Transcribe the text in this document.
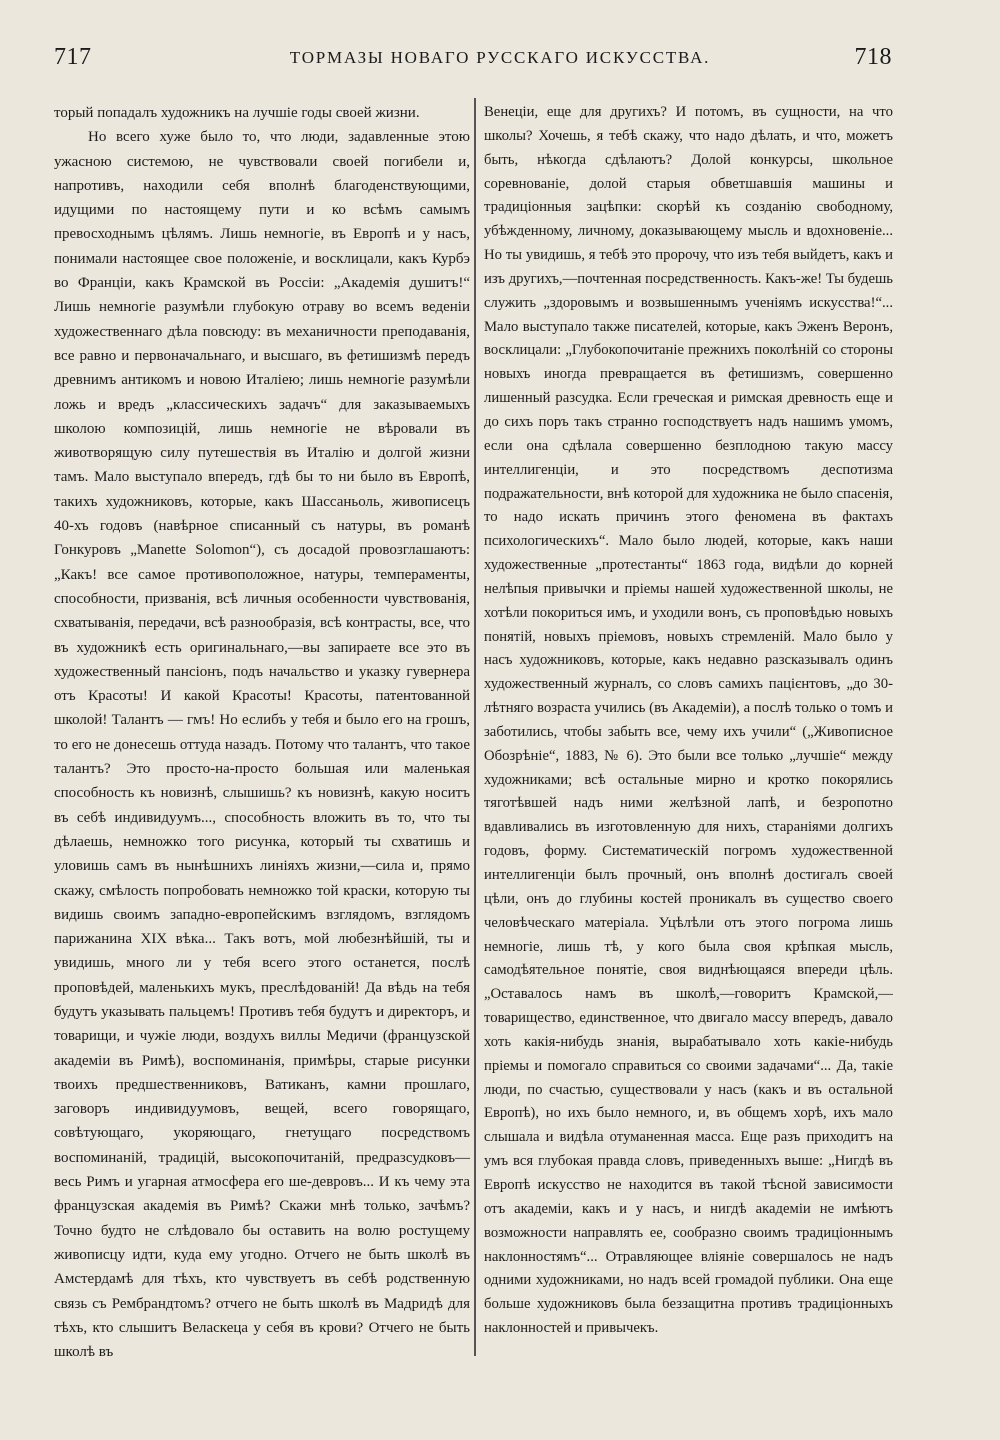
717	ТОРМАЗЫ НОВАГО РУССКАГО ИСКУССТВА.	718

торый попадалъ художникъ на лучшіе годы своей жизни.

Но всего хуже было то, что люди, задавленные этою ужасною системою, не чувствовали своей погибели и, напротивъ, находили себя вполнѣ благоденствующими, идущими по настоящему пути и ко всѣмъ самымъ превосходнымъ цѣлямъ. Лишь немногіе, въ Европѣ и у насъ, понимали настоящее свое положеніе, и восклицали, какъ Курбэ во Франціи, какъ Крамской въ Россіи: „Академія душитъ!“ Лишь немногіе разумѣли глубокую отраву во всемъ веденіи художественнаго дѣла повсюду: въ механичности преподаванія, все равно и первоначальнаго, и высшаго, въ фетишизмѣ передъ древнимъ антикомъ и новою Италіею; лишь немногіе разумѣли ложь и вредъ „классическихъ задачъ“ для заказываемыхъ школою композицій, лишь немногіе не вѣровали въ животворящую силу путешествія въ Италію и долгой жизни тамъ. Мало выступало впередъ, гдѣ бы то ни было въ Европѣ, такихъ художниковъ, которые, какъ Шассаньоль, живописецъ 40-хъ годовъ (навѣрное списанный съ натуры, въ романѣ Гонкуровъ „Manette Solomon“), съ досадой провозглашаютъ: „Какъ! все самое противоположное, натуры, темпераменты, способности, призванія, всѣ личныя особенности чувствованія, схватыванія, передачи, всѣ разнообразія, всѣ контрасты, все, что въ художникѣ есть оригинальнаго,—вы запираете все это въ художественный пансіонъ, подъ начальство и указку гувернера отъ Красоты! И какой Красоты! Красоты, патентованной школой! Талантъ — гмъ! Но еслибъ у тебя и было его на грошъ, то его не донесешь оттуда назадъ. Потому что талантъ, что такое талантъ? Это просто-на-просто большая или маленькая способность къ новизнѣ, слышишь? къ новизнѣ, какую носитъ въ себѣ индивидуумъ..., способность вложить въ то, что ты дѣлаешь, немножко того рисунка, который ты схватишь и уловишь самъ въ нынѣшнихъ линіяхъ жизни,—сила и, прямо скажу, смѣлость попробовать немножко той краски, которую ты видишь своимъ западно-европейскимъ взглядомъ, взглядомъ парижанина XIX вѣка... Такъ вотъ, мой любезнѣйшій, ты и увидишь, много ли у тебя всего этого останется, послѣ проповѣдей, маленькихъ мукъ, преслѣдованій! Да вѣдь на тебя будутъ указывать пальцемъ! Противъ тебя будутъ и директоръ, и товарищи, и чужіе люди, воздухъ виллы Медичи (французской академіи въ Римѣ), воспоминанія, примѣры, старые рисунки твоихъ предшественниковъ, Ватиканъ, камни прошлаго, заговоръ индивидуумовъ, вещей, всего говорящаго, совѣтующаго, укоряющаго, гнетущаго посредствомъ воспоминаній, традицій, высокопочитаній, предразсудковъ—весь Римъ и угарная атмосфера его ше-девровъ... И къ чему эта французская академія въ Римѣ? Скажи мнѣ только, зачѣмъ? Точно будто не слѣдовало бы оставить на волю ростущему живописцу идти, куда ему угодно. Отчего не быть школѣ въ Амстердамѣ для тѣхъ, кто чувствуетъ въ себѣ родственную связь съ Рембрандтомъ? отчего не быть школѣ въ Мадридѣ для тѣхъ, кто слышитъ Веласкеца у себя въ крови? Отчего не быть школѣ въ

Венеціи, еще для другихъ? И потомъ, въ сущности, на что школы? Хочешь, я тебѣ скажу, что надо дѣлать, и что, можетъ быть, нѣкогда сдѣлаютъ? Долой конкурсы, школьное соревнованіе, долой старыя обветшавшія машины и традиціонныя зацѣпки: скорѣй къ созданію свободному, убѣжденному, личному, доказывающему мысль и вдохновеніе... Но ты увидишь, я тебѣ это пророчу, что изъ тебя выйдетъ, какъ и изъ другихъ,—почтенная посредственность. Какъ-же! Ты будешь служить „здоровымъ и возвышеннымъ ученіямъ искусства!“... Мало выступало также писателей, которые, какъ Эженъ Веронъ, восклицали: „Глубокопочитаніе прежнихъ поколѣній со стороны новыхъ иногда превращается въ фетишизмъ, совершенно лишенный разсудка. Если греческая и римская древность еще и до сихъ поръ такъ странно господствуетъ надъ нашимъ умомъ, если она сдѣлала совершенно безплодною такую массу интеллигенціи, и это посредствомъ деспотизма подражательности, внѣ которой для художника не было спасенія, то надо искать причинъ этого феномена въ фактахъ психологическихъ“. Мало было людей, которые, какъ наши художественные „протестанты“ 1863 года, видѣли до корней нелѣпыя привычки и пріемы нашей художественной школы, не хотѣли покориться имъ, и уходили вонъ, съ проповѣдью новыхъ понятій, новыхъ пріемовъ, новыхъ стремленій. Мало было у насъ художниковъ, которые, какъ недавно разсказывалъ одинъ художественный журналъ, со словъ самихъ пацієнтовъ, „до 30-лѣтняго возраста учились (въ Академіи), а послѣ только о томъ и заботились, чтобы забыть все, чему ихъ учили“ („Живописное Обозрѣніе“, 1883, № 6). Это были все только „лучшіе“ между художниками; всѣ остальные мирно и кротко покорялись тяготѣвшей надъ ними желѣзной лапѣ, и безропотно вдавливались въ изготовленную для нихъ, стараніями долгихъ годовъ, форму. Систематическій погромъ художественной интеллигенціи былъ прочный, онъ вполнѣ достигалъ своей цѣли, онъ до глубины костей проникалъ въ существо своего человѣческаго матеріала. Уцѣлѣли отъ этого погрома лишь немногіе, лишь тѣ, у кого была своя крѣпкая мысль, самодѣятельное понятіе, своя виднѣющаяся впереди цѣль. „Оставалось намъ въ школѣ,—говоритъ Крамской,—товарищество, единственное, что двигало массу впередъ, давало хоть какія-нибудь знанія, вырабатывало хоть какіе-нибудь пріемы и помогало справиться со своими задачами“... Да, такіе люди, по счастью, существовали у насъ (какъ и въ остальной Европѣ), но ихъ было немного, и, въ общемъ хорѣ, ихъ мало слышала и видѣла отуманенная масса. Еще разъ приходитъ на умъ вся глубокая правда словъ, приведенныхъ выше: „Нигдѣ въ Европѣ искусство не находится въ такой тѣсной зависимости отъ академіи, какъ и у насъ, и нигдѣ академіи не имѣютъ возможности направлять ее, сообразно своимъ традиціоннымъ наклонностямъ“... Отравляющее вліяніе совершалось не надъ одними художниками, но надъ всей громадой публики. Она еще больше художниковъ была беззащитна противъ традиціонныхъ наклонностей и привычекъ.
